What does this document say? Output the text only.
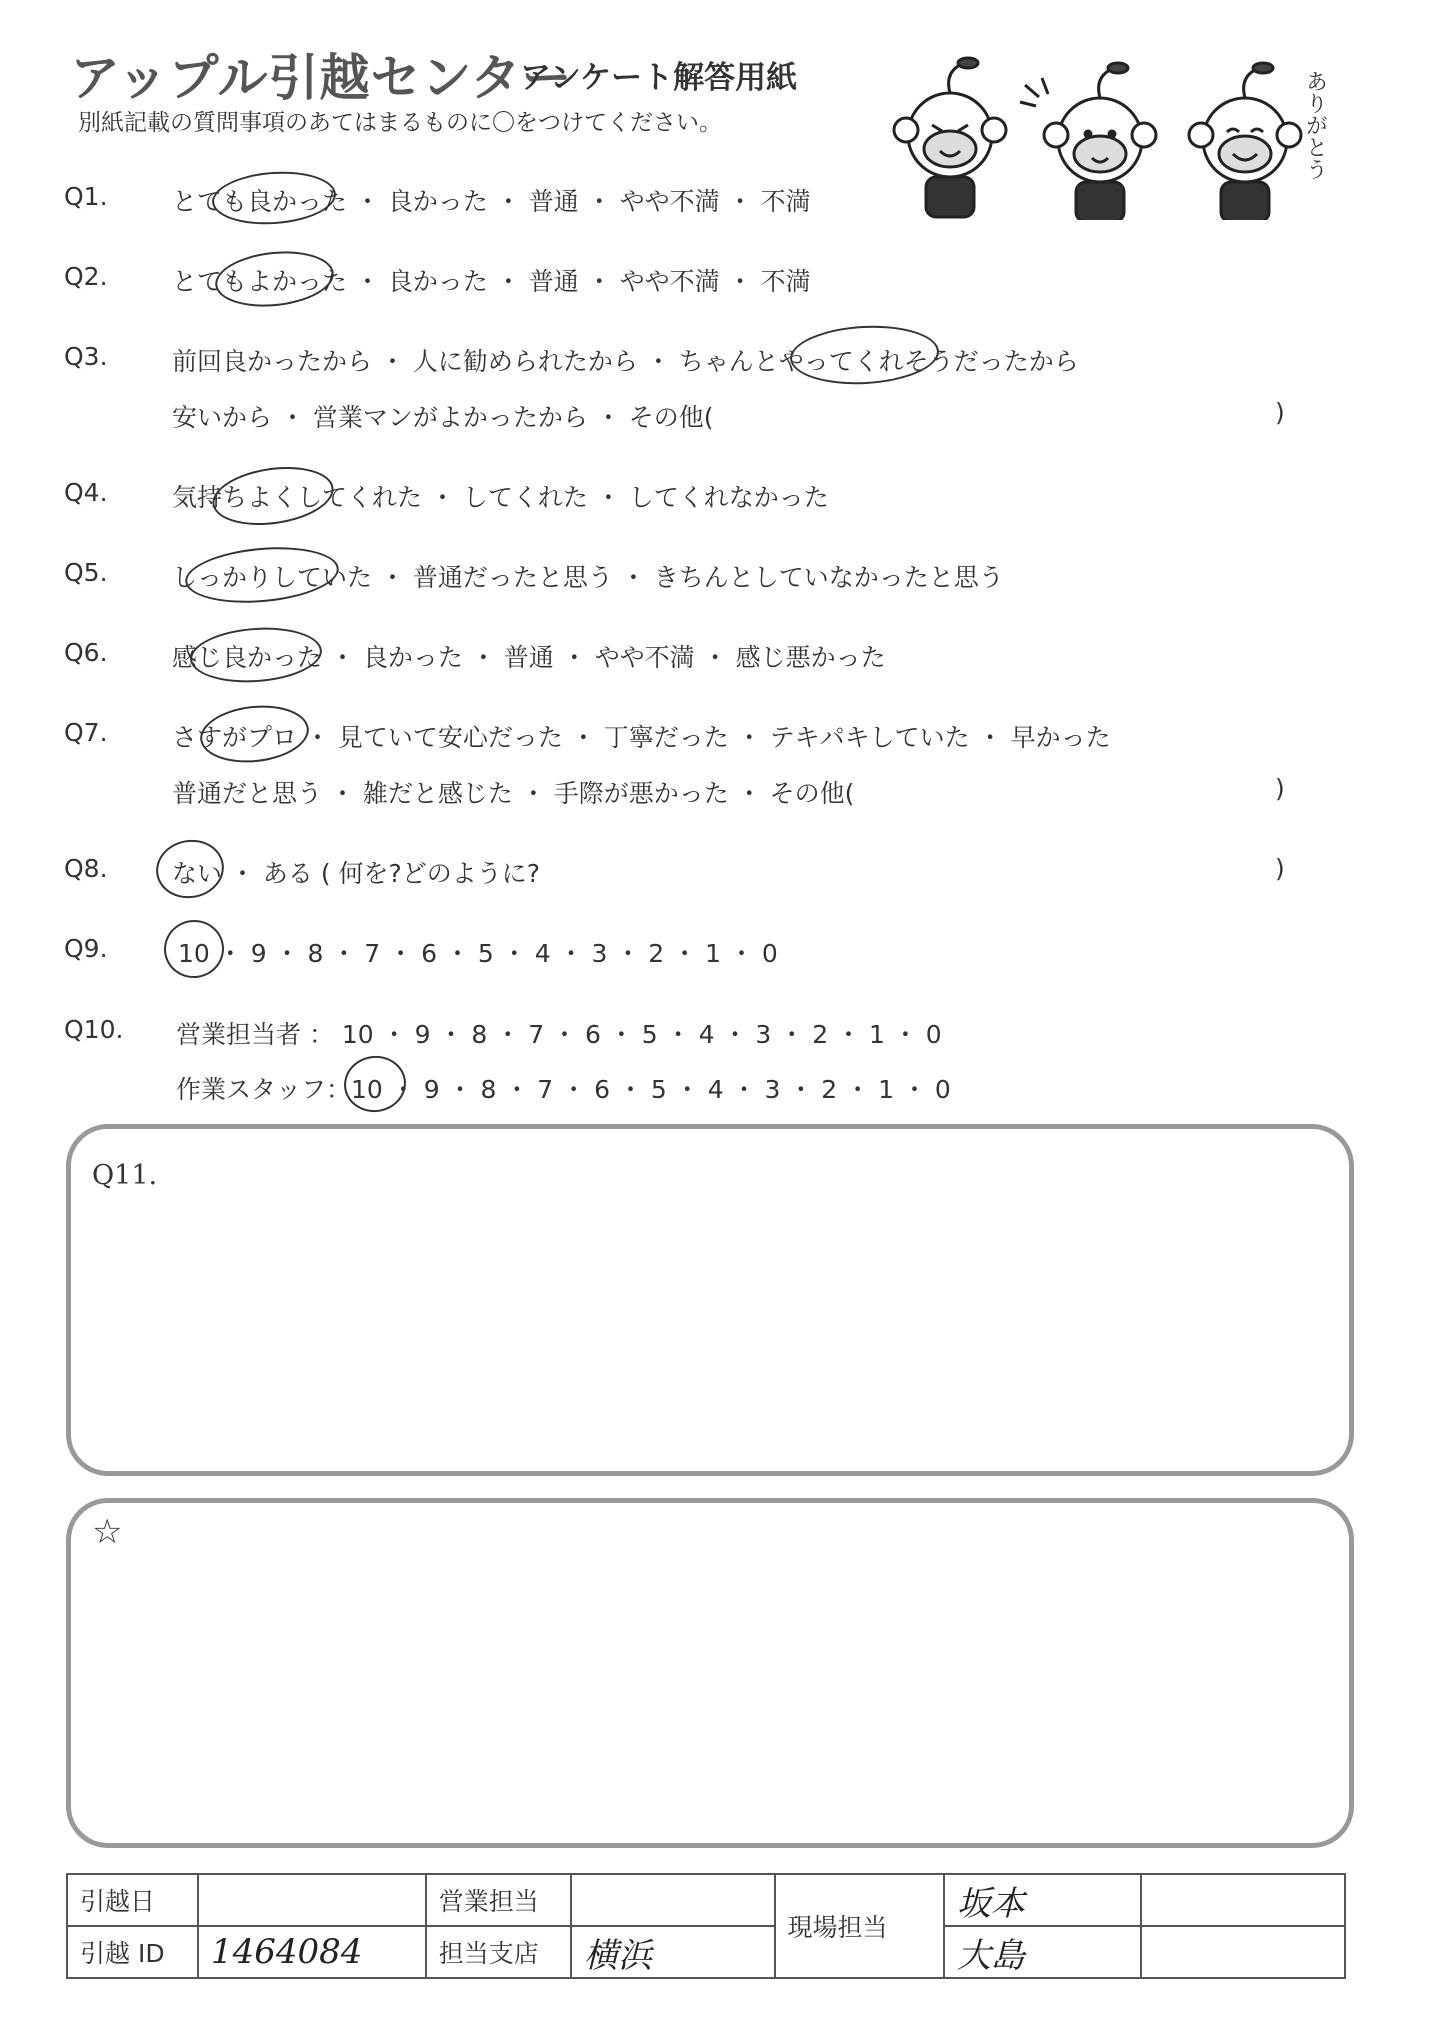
アップル引越センター
アンケート解答用紙
別紙記載の質問事項のあてはまるものに〇をつけてください。	ありがとう
Q1.	とても良かった ・ 良かった ・ 普通 ・ やや不満 ・ 不満
Q2.	とてもよかった ・ 良かった ・ 普通 ・ やや不満 ・ 不満
Q3.	前回良かったから ・ 人に勧められたから ・ ちゃんとやってくれそうだったから
安いから ・ 営業マンがよかったから ・ その他(	)
Q4.	気持ちよくしてくれた ・ してくれた ・ してくれなかった
Q5.	しっかりしていた ・ 普通だったと思う ・ きちんとしていなかったと思う
Q6.	感じ良かった ・ 良かった ・ 普通 ・ やや不満 ・ 感じ悪かった
Q7.	さすがプロ ・ 見ていて安心だった ・ 丁寧だった ・ テキパキしていた ・ 早かった
普通だと思う ・ 雑だと感じた ・ 手際が悪かった ・ その他(	)
Q8.	ない ・ ある ( 何を?どのように?	)
Q9.	10 ・ 9 ・ 8 ・ 7 ・ 6 ・ 5 ・ 4 ・ 3 ・ 2 ・ 1 ・ 0
Q10. 営業担当者 ： 10 ・ 9 ・ 8 ・ 7 ・ 6 ・ 5 ・ 4 ・ 3 ・ 2 ・ 1 ・ 0
作業スタッフ：10 ・ 9 ・ 8 ・ 7 ・ 6 ・ 5 ・ 4 ・ 3 ・ 2 ・ 1 ・ 0
Q11.
☆
引越日		営業担当		現場担当	坂本	
引越 ID	1464084	担当支店	横浜		大島	
